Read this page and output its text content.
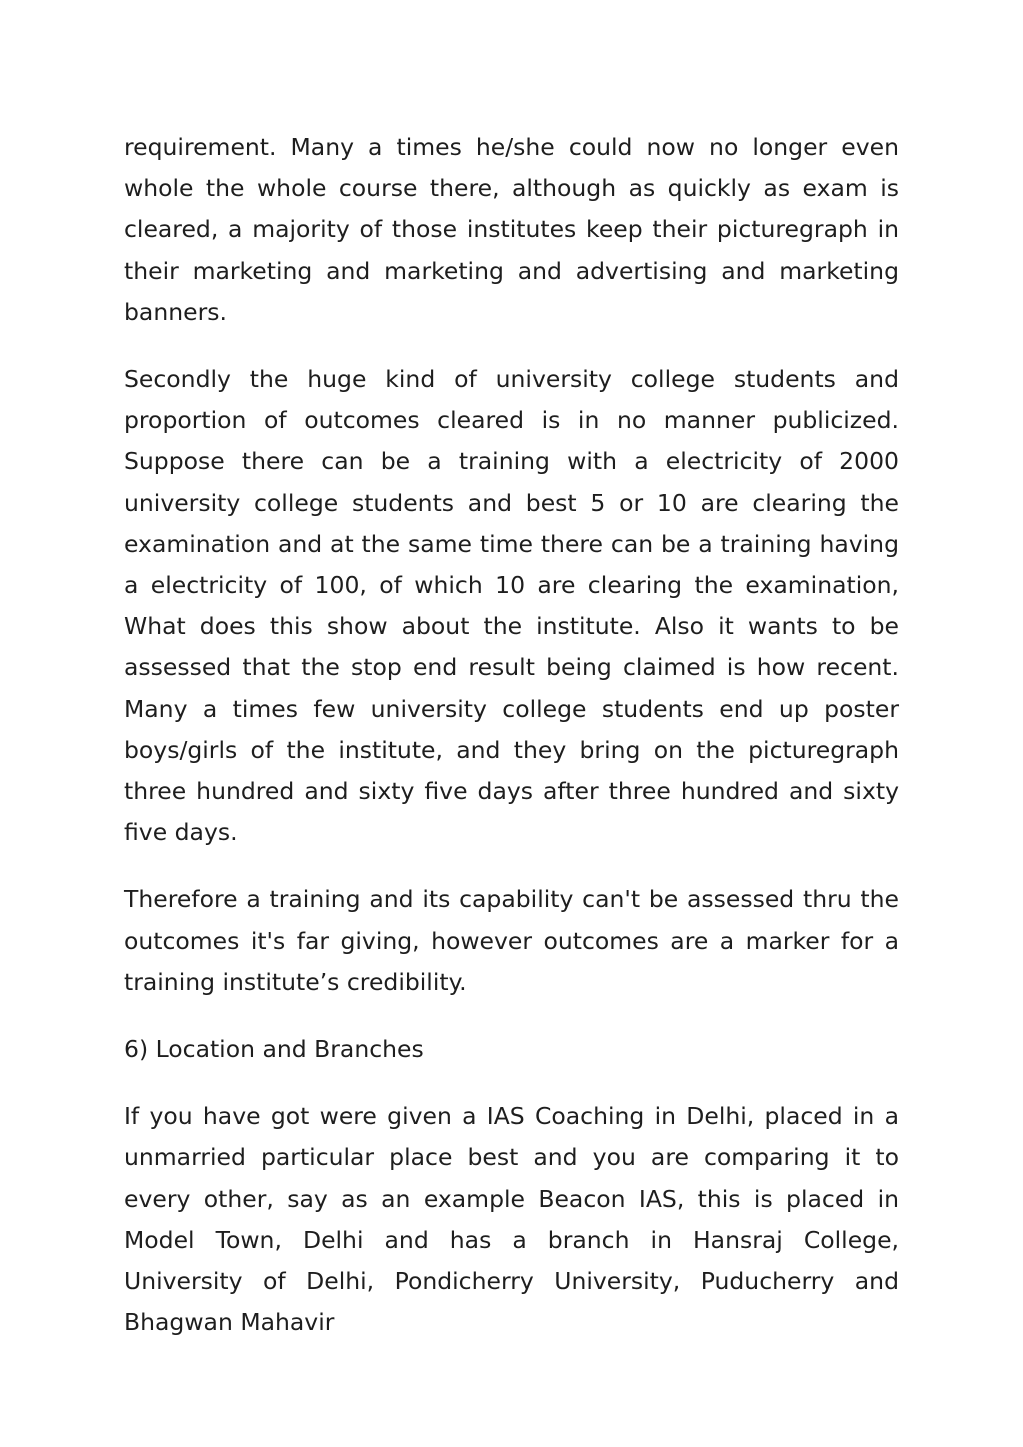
requirement. Many a times he/she could now no longer even whole the whole course there, although as quickly as exam is cleared, a majority of those institutes keep their picturegraph in their marketing and marketing and advertising and marketing banners.

Secondly the huge kind of university college students and proportion of outcomes cleared is in no manner publicized. Suppose there can be a training with a electricity of 2000 university college students and best 5 or 10 are clearing the examination and at the same time there can be a training having a electricity of 100, of which 10 are clearing the examination, What does this show about the institute. Also it wants to be assessed that the stop end result being claimed is how recent. Many a times few university college students end up poster boys/girls of the institute, and they bring on the picturegraph three hundred and sixty five days after three hundred and sixty five days.

Therefore a training and its capability can't be assessed thru the outcomes it's far giving, however outcomes are a marker for a training institute’s credibility.

6) Location and Branches

If you have got were given a IAS Coaching in Delhi, placed in a unmarried particular place best and you are comparing it to every other, say as an example Beacon IAS, this is placed in Model Town, Delhi and has a branch in Hansraj College, University of Delhi, Pondicherry University, Puducherry and Bhagwan Mahavir
